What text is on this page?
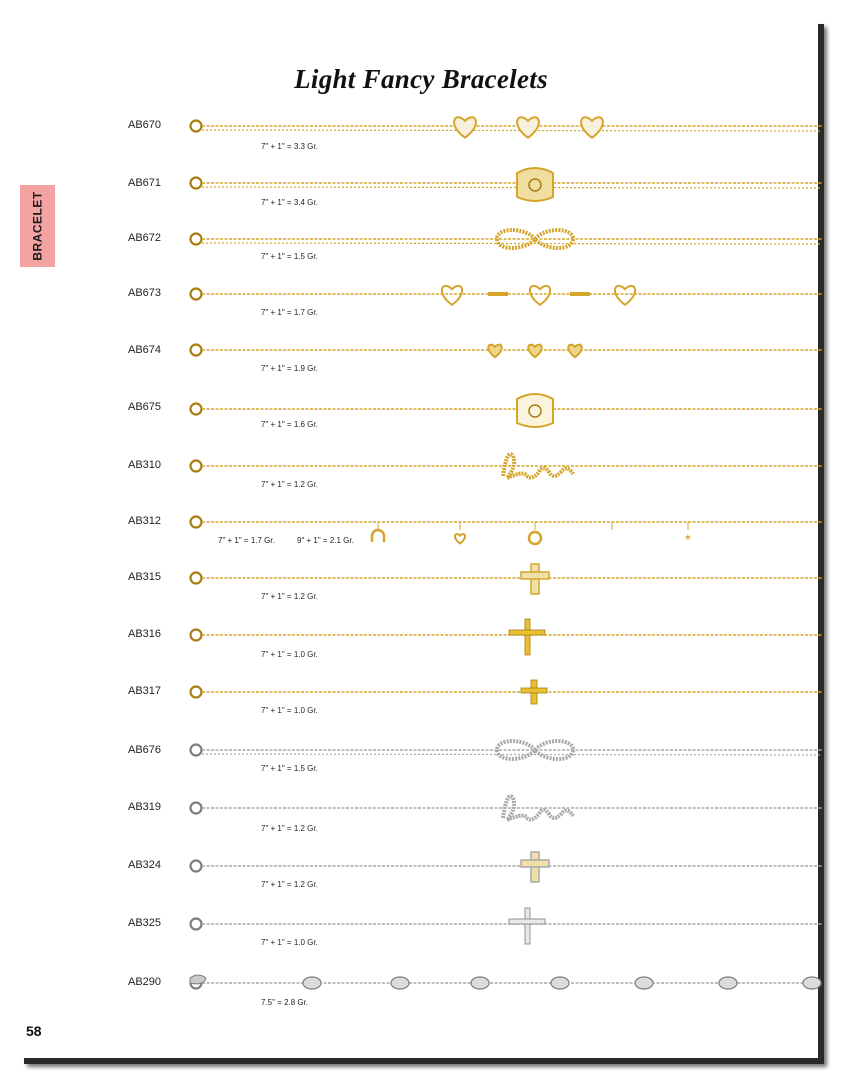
Light Fancy Bracelets
BRACELET

✶

AB670
7" + 1" = 3.3 Gr.
AB671
7" + 1" = 3.4 Gr.
AB672
7" + 1" = 1.5 Gr.
AB673
7" + 1" = 1.7 Gr.
AB674
7" + 1" = 1.9 Gr.
AB675
7" + 1" = 1.6 Gr.
AB310
7" + 1" = 1.2 Gr.
AB312
7" + 1" = 1.7 Gr.	9" + 1" = 2.1 Gr.
AB315
7" + 1" = 1.2 Gr.
AB316
7" + 1" = 1.0 Gr.
AB317
7" + 1" = 1.0 Gr.
AB676
7" + 1" = 1.5 Gr.
AB319
7" + 1" = 1.2 Gr.
AB324
7" + 1" = 1.2 Gr.
AB325
7" + 1" = 1.0 Gr.
AB290
7.5" = 2.8 Gr.
58
